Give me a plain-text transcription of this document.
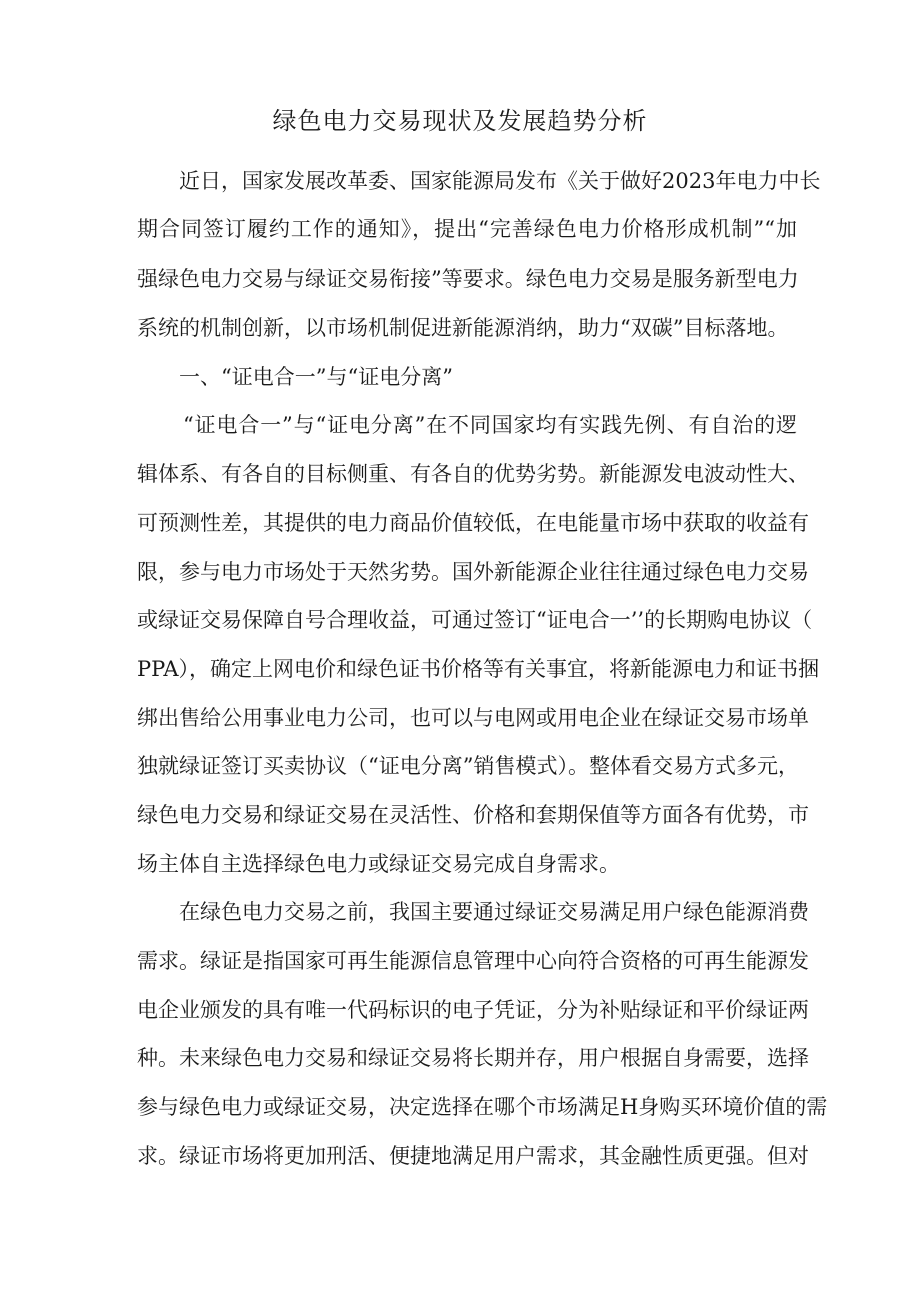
绿色电力交易现状及发展趋势分析

近日，国家发展改革委、国家能源局发布《关于做好2023年电力中长

期合同签订履约工作的通知》，提出“完善绿色电力价格形成机制”“加

强绿色电力交易与绿证交易衔接”等要求。绿色电力交易是服务新型电力

系统的机制创新，以市场机制促进新能源消纳，助力“双碳”目标落地。

一、“证电合一”与“证电分离”

“证电合一”与“证电分离”在不同国家均有实践先例、有自治的逻

辑体系、有各自的目标侧重、有各自的优势劣势。新能源发电波动性大、

可预测性差，其提供的电力商品价值较低，在电能量市场中获取的收益有

限，参与电力市场处于天然劣势。国外新能源企业往往通过绿色电力交易

或绿证交易保障自号合理收益，可通过签订“证电合一’’的长期购电协议（

PPA），确定上网电价和绿色证书价格等有关事宜，将新能源电力和证书捆

绑出售给公用事业电力公司，也可以与电网或用电企业在绿证交易市场单

独就绿证签订买卖协议（“证电分离”销售模式）。整体看交易方式多元，

绿色电力交易和绿证交易在灵活性、价格和套期保值等方面各有优势，市

场主体自主选择绿色电力或绿证交易完成自身需求。

在绿色电力交易之前，我国主要通过绿证交易满足用户绿色能源消费

需求。绿证是指国家可再生能源信息管理中心向符合资格的可再生能源发

电企业颁发的具有唯一代码标识的电子凭证，分为补贴绿证和平价绿证两

种。未来绿色电力交易和绿证交易将长期并存，用户根据自身需要，选择

参与绿色电力或绿证交易，决定选择在哪个市场满足H身购买环境价值的需

求。绿证市场将更加刑活、便捷地满足用户需求，其金融性质更强。但对
